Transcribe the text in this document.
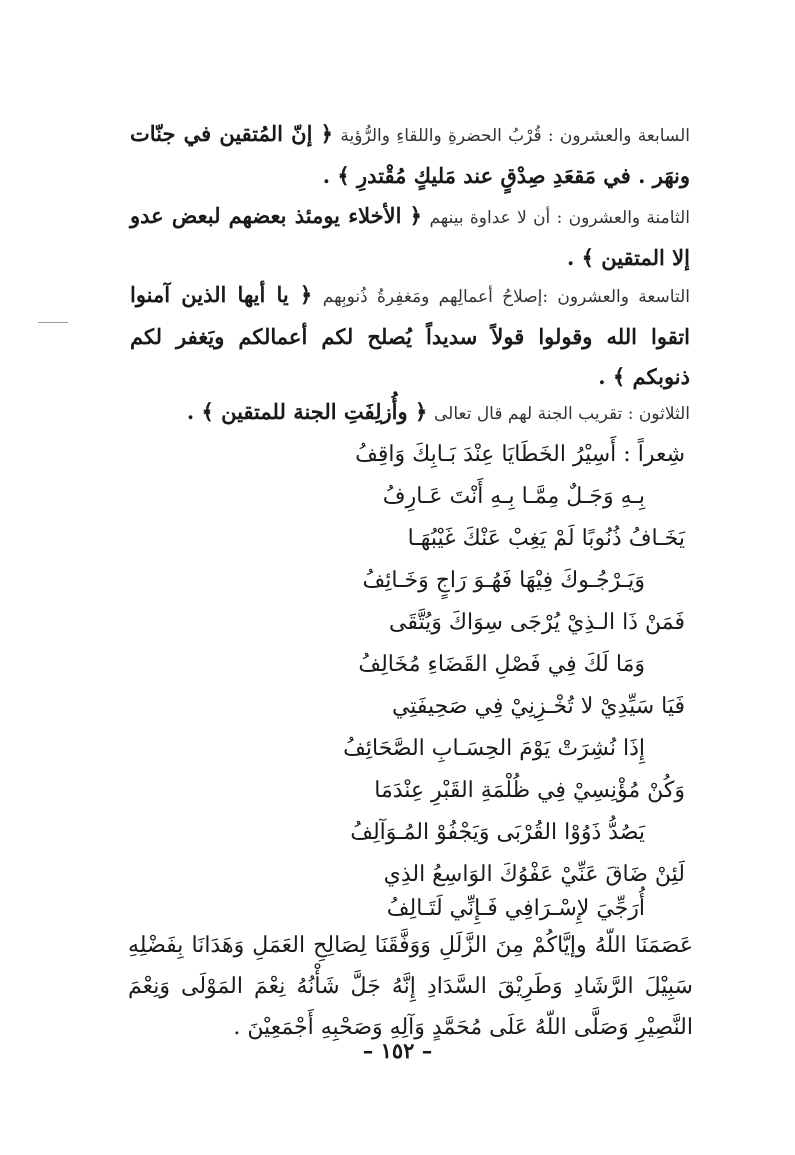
السابعة والعشرون : قُرْبُ الحضرةِ واللقاءِ والرُّؤية ﴿ إنّ المُتقين في جنّات ونهَر . في مَقعَدِ صِدْقٍ عند مَليكٍ مُقْتدرِ ﴾ .
الثامنة والعشرون : أن لا عداوة بينهم ﴿ الأخلاء يومئذ بعضهم لبعض عدو إلا المتقين ﴾ .
التاسعة والعشرون :إصلاحُ أعمالِهم ومَغفِرةُ ذُنوبِهم ﴿ يا أيها الذين آمنوا اتقوا الله وقولوا قولاً سديداً يُصلح لكم أعمالكم ويَغفر لكم ذنوبكم ﴾ .
الثلاثون : تقريب الجنة لهم قال تعالى ﴿ وأُزلِفَتِ الجنة للمتقين ﴾ .
شِعراً : أَسِيْرُ الخَطَايَا عِنْدَ بَـابِكَ وَاقِفُ
بِـهِ وَجَـلٌ مِمَّـا بِـهِ أَنْتَ عَـارِفُ
يَخَـافُ ذُنُوبًا لَمْ يَغِبْ عَنْكَ غَيْبُهَـا
وَيَـرْجُـوكَ فِيْهَا فَهُـوَ رَاجٍ وَخَـائِفُ
فَمَنْ ذَا الـذِيْ يُرْجَى سِوَاكَ وَيُتَّقَى
وَمَا لَكَ فِي فَصْلِ القَضَاءِ مُخَالِفُ
فَيَا سَيِّدِيْ لا تُخْـزِنِيْ فِي صَحِيفَتِي
إِذَا نُشِرَتْ يَوْمَ الحِسَـابِ الصَّحَائِفُ
وَكُنْ مُؤْنِسِيْ فِي ظُلْمَةِ القَبْرِ عِنْدَمَا
يَصُدُّ ذَوُوْا القُرْبَى وَيَجْفُوْ المُـوَآلِفُ
لَئِنْ ضَاقَ عَنِّيْ عَفْوُكَ الوَاسِعُ الذِي
أُرَجِّيَ لإِسْـرَافِي فَـإِنِّي لَتَـالِفُ
عَصَمَنَا اللّهُ وإيَّاكُمْ مِنَ الزَّلَلِ وَوَفَّقَنَا لِصَالِحِ العَمَلِ وَهَدَانَا بِفَضْلِهِ سَبِيْلَ الرَّشَادِ وَطَرِيْقَ السَّدَادِ إِنَّهُ جَلَّ شَأْنُهُ نِعْمَ المَوْلَى وَنِعْمَ النَّصِيْرِ وَصَلَّى اللّهُ عَلَى مُحَمَّدٍ وَآلِهِ وَصَحْبِهِ أَجْمَعِيْنَ .
– ١٥٢ –
